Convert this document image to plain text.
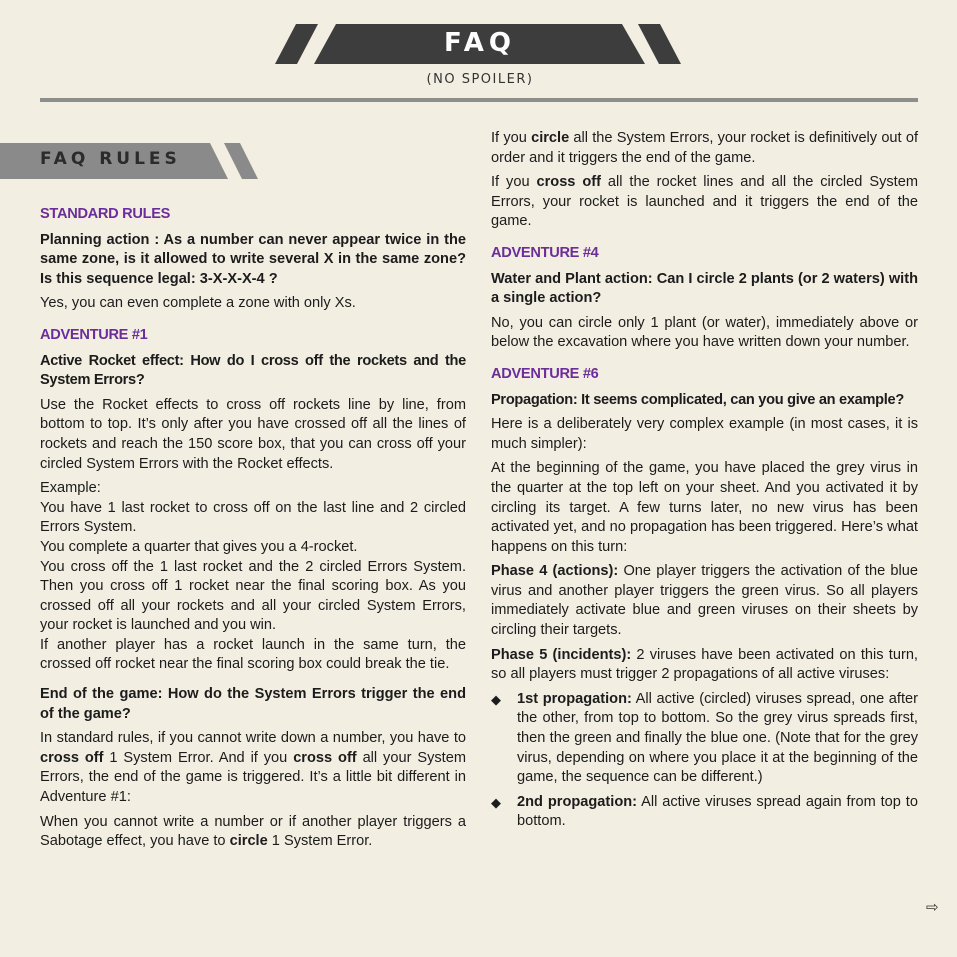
FAQ
(NO SPOILER)
FAQ RULES
STANDARD RULES

Planning action : As a number can never appear twice in the same zone, is it allowed to write several X in the same zone? Is this sequence legal: 3-X-X-X-4 ?

Yes, you can even complete a zone with only Xs.

ADVENTURE #1

Active Rocket effect: How do I cross off the rockets and the System Errors?

Use the Rocket effects to cross off rockets line by line, from bottom to top. It’s only after you have crossed off all the lines of rockets and reach the 150 score box, that you can cross off your circled System Errors with the Rocket effects.

Example:

You have 1 last rocket to cross off on the last line and 2 circled Errors System.

You complete a quarter that gives you a 4-rocket.

You cross off the 1 last rocket and the 2 circled Errors System. Then you cross off 1 rocket near the final scoring box. As you crossed off all your rockets and all your circled System Errors, your rocket is launched and you win.

If another player has a rocket launch in the same turn, the crossed off rocket near the final scoring box could break the tie.

End of the game: How do the System Errors trigger the end of the game?

In standard rules, if you cannot write down a number, you have to cross off 1 System Error. And if you cross off all your System Errors, the end of the game is triggered. It’s a little bit different in Adventure #1:

When you cannot write a number or if another player triggers a Sabotage effect, you have to circle 1 System Error.

If you circle all the System Errors, your rocket is definitively out of order and it triggers the end of the game.

If you cross off all the rocket lines and all the circled System Errors, your rocket is launched and it triggers the end of the game.

ADVENTURE #4

Water and Plant action: Can I circle 2 plants (or 2 waters) with a single action?

No, you can circle only 1 plant (or water), immediately above or below the excavation where you have written down your number.

ADVENTURE #6

Propagation: It seems complicated, can you give an example?

Here is a deliberately very complex example (in most cases, it is much simpler):

At the beginning of the game, you have placed the grey virus in the quarter at the top left on your sheet. And you activated it by circling its target. A few turns later, no new virus has been activated yet, and no propagation has been triggered. Here’s what happens on this turn:

Phase 4 (actions): One player triggers the activation of the blue virus and another player triggers the green virus. So all players immediately activate blue and green viruses on their sheets by circling their targets.

Phase 5 (incidents): 2 viruses have been activated on this turn, so all players must trigger 2 propagations of all active viruses:

◆ 1st propagation: All active (circled) viruses spread, one after the other, from top to bottom. So the grey virus spreads first, then the green and finally the blue one. (Note that for the grey virus, depending on where you place it at the beginning of the game, the sequence can be different.)
◆ 2nd propagation: All active viruses spread again from top to bottom.
⇨
